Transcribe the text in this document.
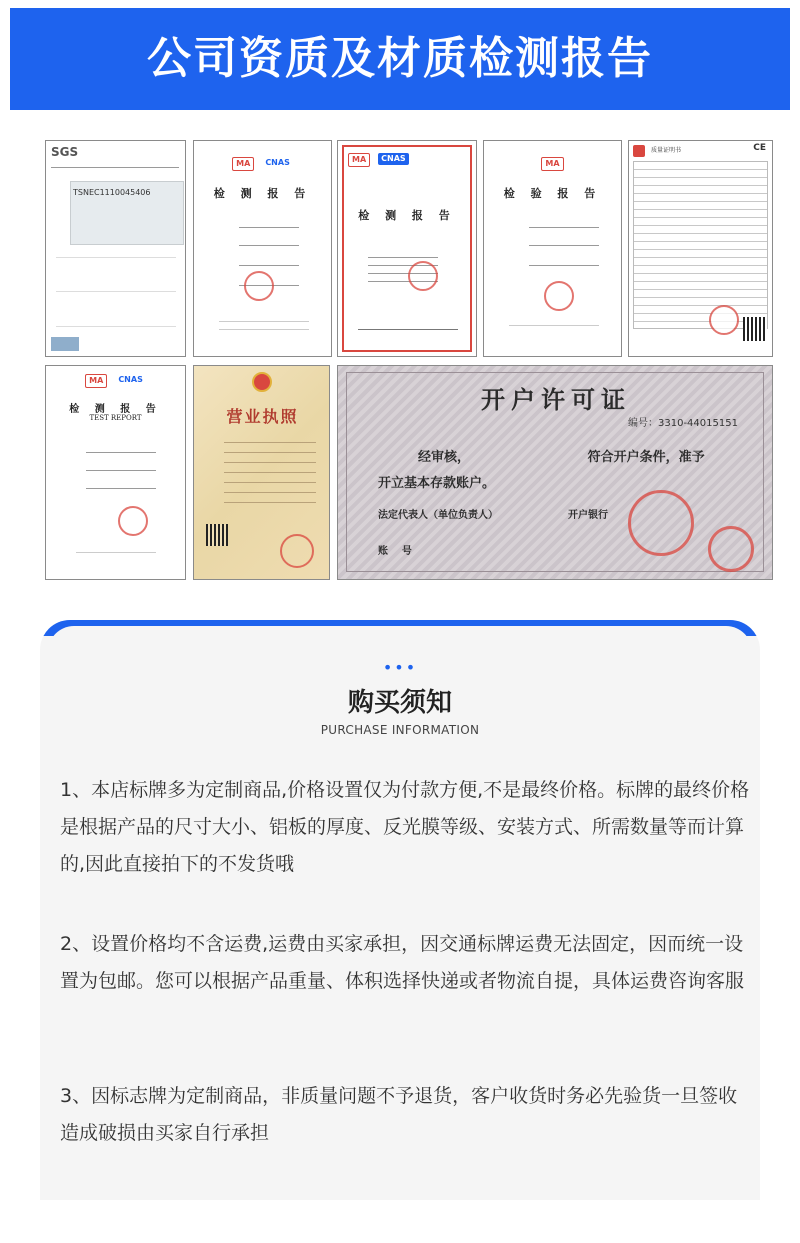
公司资质及材质检测报告
SGS
TSNEC1110045406
MA	CNAS
检 测 报 告
MA	CNAS
检 测 报 告
MA
检 验 报 告
质量证明书	CE
MA	CNAS
检 测 报 告
TEST REPORT	营业执照
开户许可证
编号：3310-44015151
经审核，                          符合开户条件，准予
开立基本存款账户。
法定代表人（单位负责人）	开户银行
账    号
•••
购买须知
PURCHASE INFORMATION
1、本店标牌多为定制商品,价格设置仅为付款方便,不是最终价格。标牌的最终价格是根据产品的尺寸大小、铝板的厚度、反光膜等级、安装方式、所需数量等而计算的,因此直接拍下的不发货哦
2、设置价格均不含运费,运费由买家承担，因交通标牌运费无法固定，因而统一设置为包邮。您可以根据产品重量、体积选择快递或者物流自提，具体运费咨询客服
3、因标志牌为定制商品，非质量问题不予退货，客户收货时务必先验货一旦签收造成破损由买家自行承担
